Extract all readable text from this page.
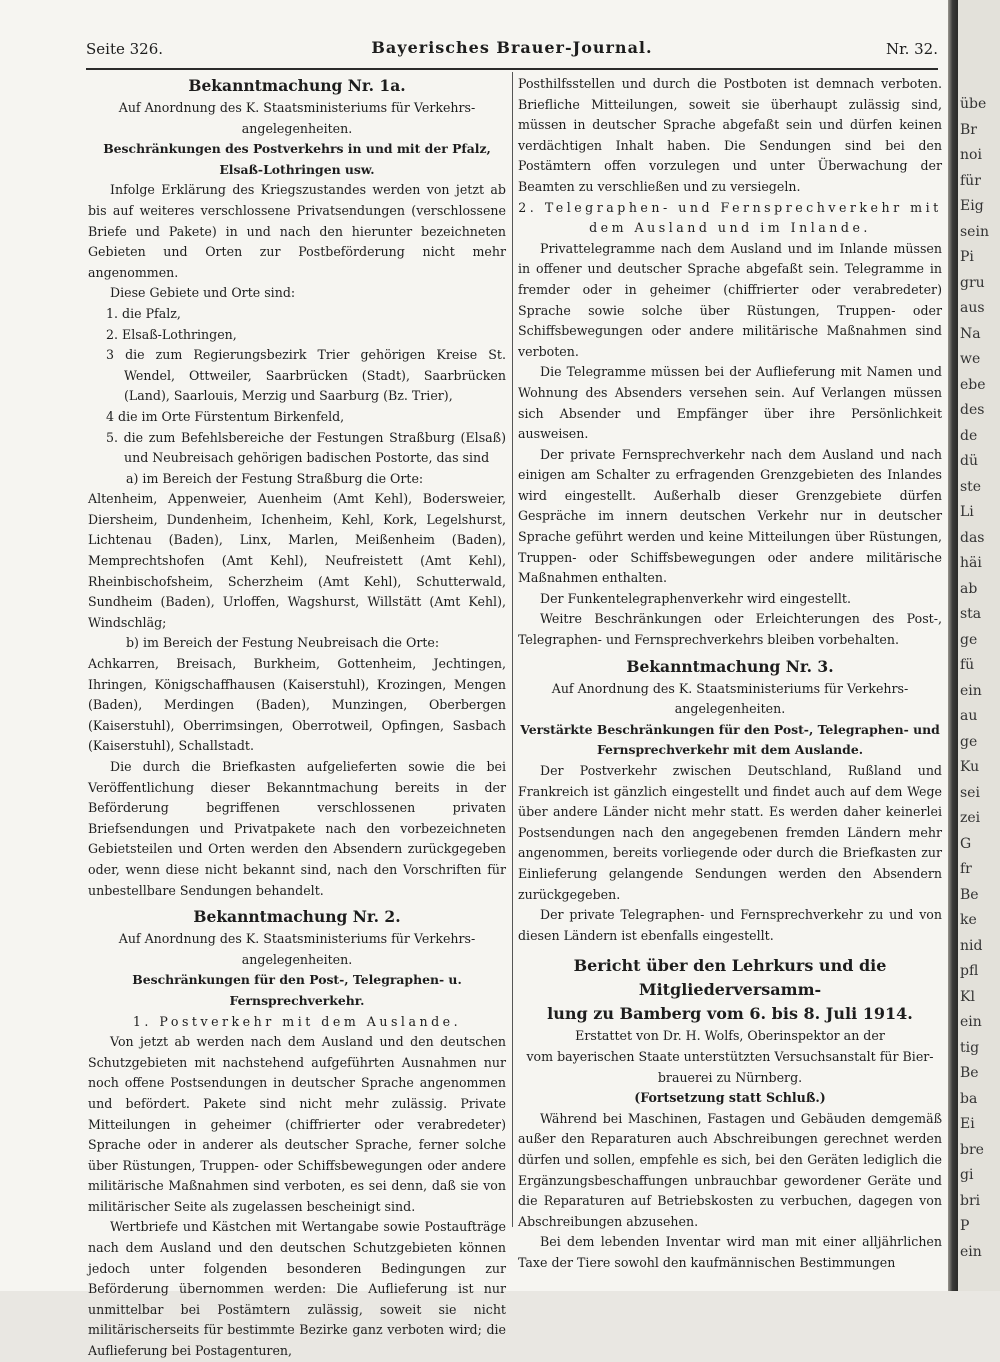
Seite 326.	Bayerisches Brauer-Journal.	Nr. 32.

Bekanntmachung Nr. 1a.

Auf Anordnung des K. Staatsministeriums für Verkehrs-

angelegenheiten.

Beschränkungen des Postverkehrs in und mit der Pfalz,

Elsaß-Lothringen usw.

Infolge Erklärung des Kriegszustandes werden von jetzt ab bis auf weiteres verschlossene Privatsendungen (verschlossene Briefe und Pakete) in und nach den hierunter bezeichneten Gebieten und Orten zur Postbeförderung nicht mehr angenommen.

Diese Gebiete und Orte sind:

1. die Pfalz,

2. Elsaß-Lothringen,

3 die zum Regierungsbezirk Trier gehörigen Kreise St. Wendel, Ottweiler, Saarbrücken (Stadt), Saarbrücken (Land), Saarlouis, Merzig und Saarburg (Bz. Trier),

4 die im Orte Fürstentum Birkenfeld,

5. die zum Befehlsbereiche der Festungen Straßburg (Elsaß) und Neubreisach gehörigen badischen Postorte, das sind

a) im Bereich der Festung Straßburg die Orte:

Altenheim, Appenweier, Auenheim (Amt Kehl), Bodersweier, Diersheim, Dundenheim, Ichenheim, Kehl, Kork, Legelshurst, Lichtenau (Baden), Linx, Marlen, Meißenheim (Baden), Memprechtshofen (Amt Kehl), Neufreistett (Amt Kehl), Rheinbischofsheim, Scherzheim (Amt Kehl), Schutterwald, Sundheim (Baden), Urloffen, Wagshurst, Willstätt (Amt Kehl), Windschläg;

b) im Bereich der Festung Neubreisach die Orte:

Achkarren, Breisach, Burkheim, Gottenheim, Jechtingen, Ihringen, Königschaffhausen (Kaiserstuhl), Krozingen, Mengen (Baden), Merdingen (Baden), Munzingen, Oberbergen (Kaiserstuhl), Oberrimsingen, Oberrotweil, Opfingen, Sasbach (Kaiserstuhl), Schallstadt.

Die durch die Briefkasten aufgelieferten sowie die bei Veröffentlichung dieser Bekanntmachung bereits in der Beförderung begriffenen verschlossenen privaten Briefsendungen und Privatpakete nach den vorbezeichneten Gebietsteilen und Orten werden den Absendern zurückgegeben oder, wenn diese nicht bekannt sind, nach den Vorschriften für unbestellbare Sendungen behandelt.

Bekanntmachung Nr. 2.

Auf Anordnung des K. Staatsministeriums für Verkehrs-

angelegenheiten.

Beschränkungen für den Post-, Telegraphen- u. Fernsprechverkehr.

1. Postverkehr mit dem Auslande.

Von jetzt ab werden nach dem Ausland und den deutschen Schutzgebieten mit nachstehend aufgeführten Ausnahmen nur noch offene Postsendungen in deutscher Sprache angenommen und befördert. Pakete sind nicht mehr zulässig. Private Mitteilungen in geheimer (chiffrierter oder verabredeter) Sprache oder in anderer als deutscher Sprache, ferner solche über Rüstungen, Truppen- oder Schiffsbewegungen oder andere militärische Maßnahmen sind verboten, es sei denn, daß sie von militärischer Seite als zugelassen bescheinigt sind.

Wertbriefe und Kästchen mit Wertangabe sowie Postaufträge nach dem Ausland und den deutschen Schutzgebieten können jedoch unter folgenden besonderen Bedingungen zur Beförderung übernommen werden: Die Auflieferung ist nur unmittelbar bei Postämtern zulässig, soweit sie nicht militärischerseits für bestimmte Bezirke ganz verboten wird; die Auflieferung bei Postagenturen,

Posthilfsstellen und durch die Postboten ist demnach verboten. Briefliche Mitteilungen, soweit sie überhaupt zulässig sind, müssen in deutscher Sprache abgefaßt sein und dürfen keinen verdächtigen Inhalt haben. Die Sendungen sind bei den Postämtern offen vorzulegen und unter Überwachung der Beamten zu verschließen und zu versiegeln.

2. Telegraphen- und Fernsprechverkehr mit

dem Ausland und im Inlande.

Privattelegramme nach dem Ausland und im Inlande müssen in offener und deutscher Sprache abgefaßt sein. Telegramme in fremder oder in geheimer (chiffrierter oder verabredeter) Sprache sowie solche über Rüstungen, Truppen- oder Schiffsbewegungen oder andere militärische Maßnahmen sind verboten.

Die Telegramme müssen bei der Auflieferung mit Namen und Wohnung des Absenders versehen sein. Auf Verlangen müssen sich Absender und Empfänger über ihre Persönlichkeit ausweisen.

Der private Fernsprechverkehr nach dem Ausland und nach einigen am Schalter zu erfragenden Grenzgebieten des Inlandes wird eingestellt. Außerhalb dieser Grenzgebiete dürfen Gespräche im innern deutschen Verkehr nur in deutscher Sprache geführt werden und keine Mitteilungen über Rüstungen, Truppen- oder Schiffsbewegungen oder andere militärische Maßnahmen enthalten.

Der Funkentelegraphenverkehr wird eingestellt.

Weitre Beschränkungen oder Erleichterungen des Post-, Telegraphen- und Fernsprechverkehrs bleiben vorbehalten.

Bekanntmachung Nr. 3.

Auf Anordnung des K. Staatsministeriums für Verkehrs-

angelegenheiten.

Verstärkte Beschränkungen für den Post-, Telegraphen- und

Fernsprechverkehr mit dem Auslande.

Der Postverkehr zwischen Deutschland, Rußland und Frankreich ist gänzlich eingestellt und findet auch auf dem Wege über andere Länder nicht mehr statt. Es werden daher keinerlei Postsendungen nach den angegebenen fremden Ländern mehr angenommen, bereits vorliegende oder durch die Briefkasten zur Einlieferung gelangende Sendungen werden den Absendern zurückgegeben.

Der private Telegraphen- und Fernsprechverkehr zu und von diesen Ländern ist ebenfalls eingestellt.

Bericht über den Lehrkurs und die Mitgliederversamm-

lung zu Bamberg vom 6. bis 8. Juli 1914.

Erstattet von Dr. H. Wolfs, Oberinspektor an der

vom bayerischen Staate unterstützten Versuchsanstalt für Bier-

brauerei zu Nürnberg.

(Fortsetzung statt Schluß.)

Während bei Maschinen, Fastagen und Gebäuden demgemäß außer den Reparaturen auch Abschreibungen gerechnet werden dürfen und sollen, empfehle es sich, bei den Geräten lediglich die Ergänzungsbeschaffungen unbrauchbar gewordener Geräte und die Reparaturen auf Betriebskosten zu verbuchen, dagegen von Abschreibungen abzusehen.

Bei dem lebenden Inventar wird man mit einer alljährlichen Taxe der Tiere sowohl den kaufmännischen Bestimmungen

übe
Br
noi
für
Eig
sein
Pi
gru
aus
Na
we
ebe
des
de
dü
ste
Li
das
häi
ab
sta
ge
fü
ein
au
ge
Ku
sei
zei
G
fr
Be
ke
nid
pfl
Kl
ein
tig
Be
ba
Ei
bre
gi
bri
P
ein
